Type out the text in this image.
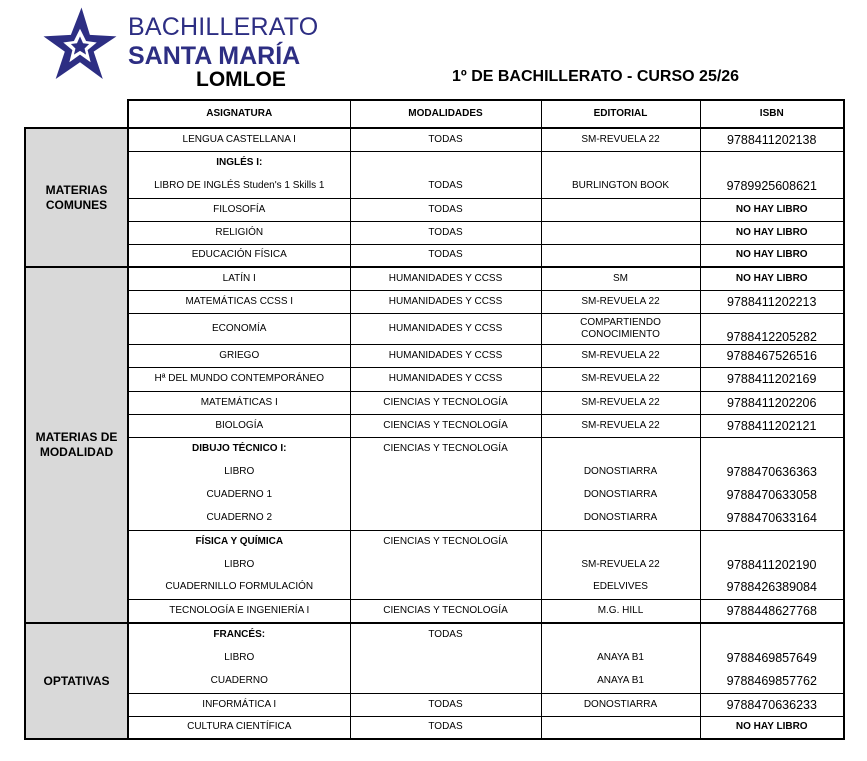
BACHILLERATO
SANTA MARÍA
LOMLOE	1º DE BACHILLERATO - CURSO 25/26
	ASIGNATURA	MODALIDADES	EDITORIAL	ISBN
MATERIAS COMUNES	LENGUA CASTELLANA I	TODAS	SM-REVUELA 22	9788411202138
	INGLÉS I:			
	LIBRO DE INGLÉS Studen's 1 Skills 1	TODAS	BURLINGTON BOOK	9789925608621
	FILOSOFÍA	TODAS		NO HAY LIBRO
	RELIGIÓN	TODAS		NO HAY LIBRO
	EDUCACIÓN FÍSICA	TODAS		NO HAY LIBRO
MATERIAS DE MODALIDAD	LATÍN I	HUMANIDADES Y CCSS	SM	NO HAY LIBRO
	MATEMÁTICAS CCSS I	HUMANIDADES Y CCSS	SM-REVUELA 22	9788411202213
	ECONOMÍA	HUMANIDADES Y CCSS	COMPARTIENDO CONOCIMIENTO	9788412205282
	GRIEGO	HUMANIDADES Y CCSS	SM-REVUELA 22	9788467526516
	Hª DEL MUNDO CONTEMPORÁNEO	HUMANIDADES Y CCSS	SM-REVUELA 22	9788411202169
	MATEMÁTICAS I	CIENCIAS Y TECNOLOGÍA	SM-REVUELA 22	9788411202206
	BIOLOGÍA	CIENCIAS Y TECNOLOGÍA	SM-REVUELA 22	9788411202121
	DIBUJO TÉCNICO I:	CIENCIAS Y TECNOLOGÍA		
	LIBRO		DONOSTIARRA	9788470636363
	CUADERNO 1		DONOSTIARRA	9788470633058
	CUADERNO 2		DONOSTIARRA	9788470633164
	FÍSICA Y QUÍMICA	CIENCIAS Y TECNOLOGÍA		
	LIBRO		SM-REVUELA 22	9788411202190
	CUADERNILLO FORMULACIÓN		EDELVIVES	9788426389084
	TECNOLOGÍA E INGENIERÍA I	CIENCIAS Y TECNOLOGÍA	M.G. HILL	9788448627768
OPTATIVAS	FRANCÉS:	TODAS		
	LIBRO		ANAYA B1	9788469857649
	CUADERNO		ANAYA B1	9788469857762
	INFORMÁTICA I	TODAS	DONOSTIARRA	9788470636233
	CULTURA CIENTÍFICA	TODAS		NO HAY LIBRO
